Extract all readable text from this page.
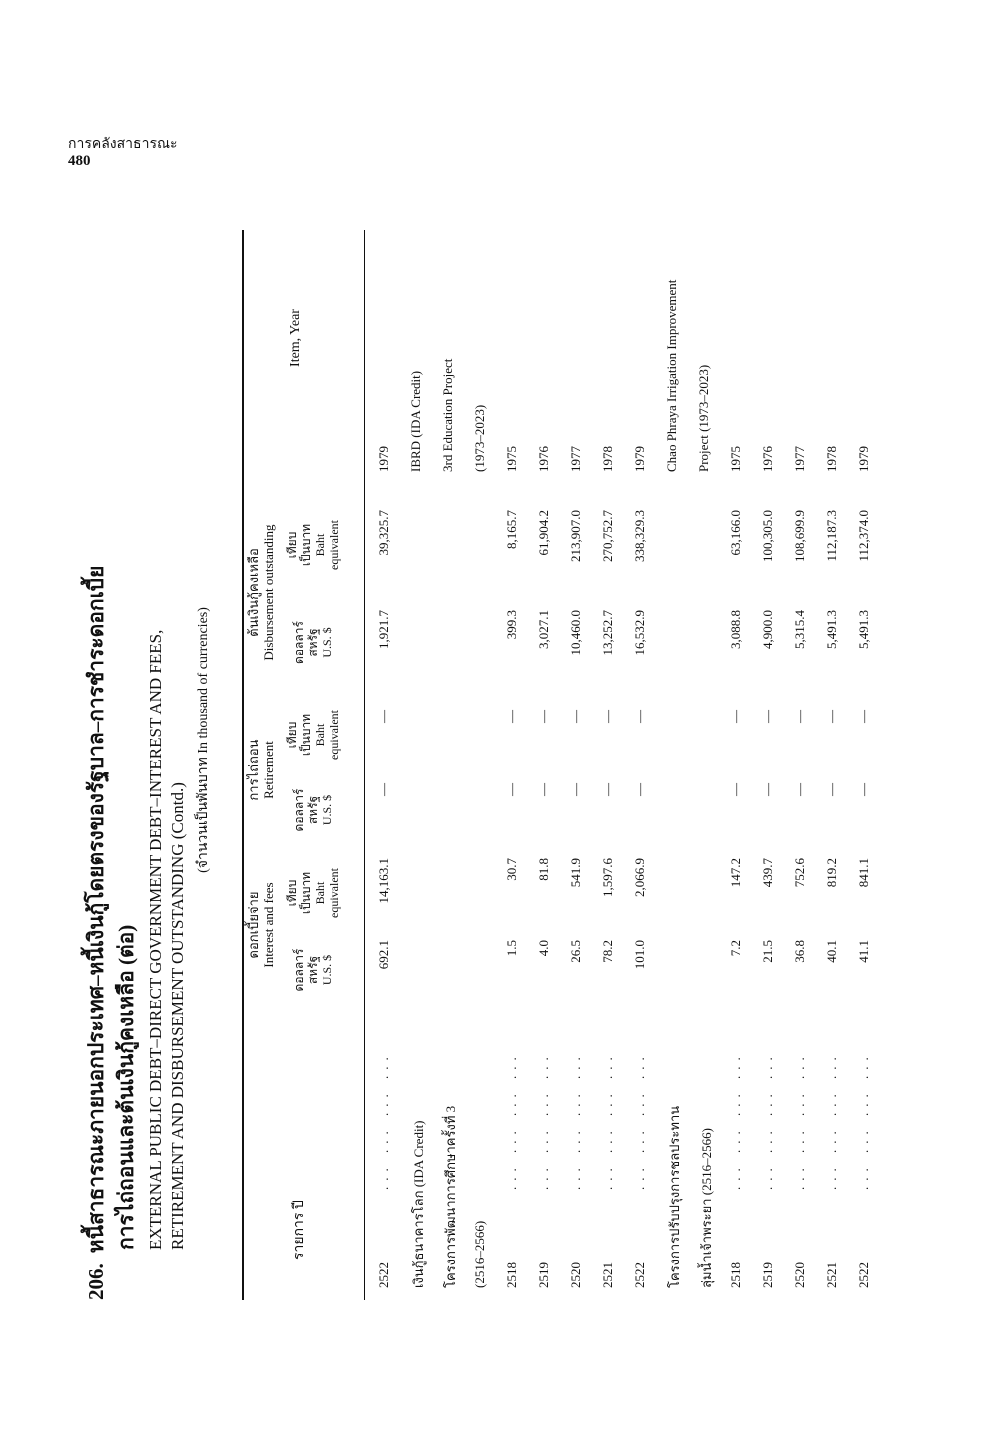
การคลังสาธารณะ
480
206.หนี้สาธารณะภายนอกประเทศ–หนี้เงินกู้โดยตรงของรัฐบาล–การชำระดอกเบี้ย การไถ่ถอนและต้นเงินกู้คงเหลือ (ต่อ) EXTERNAL PUBLIC DEBT–DIRECT GOVERNMENT DEBT–INTEREST AND FEES, RETIREMENT AND DISBURSEMENT OUTSTANDING (Contd.)
(จำนวนเป็นพันบาท In thousand of currencies)
รายการ ปี
Item, Year
ดอกเบี้ยจ่าย Interest and fees
การไถ่ถอน Retirement
ต้นเงินกู้คงเหลือ Disbursement outstanding
ดอลลาร์ สหรัฐ U.S. $
เทียบ เป็นบาท Baht equivalent
ดอลลาร์ สหรัฐ U.S. $
เทียบ เป็นบาท Baht equivalent
ดอลลาร์ สหรัฐ U.S. $
เทียบ เป็นบาท Baht equivalent
2522
... ... ... ...
692.1
14,163.1
—
—
1,921.7
39,325.7
1979
เงินกู้ธนาคารโลก (IDA Credit)
IBRD (IDA Credit)
โครงการพัฒนาการศึกษาครั้งที่ 3
3rd Education Project
(2516–2566)
(1973–2023)
2518
... ... ... ...
1.5
30.7
—
—
399.3
8,165.7
1975
2519
... ... ... ...
4.0
81.8
—
—
3,027.1
61,904.2
1976
2520
... ... ... ...
26.5
541.9
—
—
10,460.0
213,907.0
1977
2521
... ... ... ...
78.2
1,597.6
—
—
13,252.7
270,752.7
1978
2522
... ... ... ...
101.0
2,066.9
—
—
16,532.9
338,329.3
1979
โครงการปรับปรุงการชลประทาน
Chao Phraya Irrigation Improvement
ลุ่มน้ำเจ้าพระยา (2516–2566)
Project (1973–2023)
2518
... ... ... ...
7.2
147.2
—
—
3,088.8
63,166.0
1975
2519
... ... ... ...
21.5
439.7
—
—
4,900.0
100,305.0
1976
2520
... ... ... ...
36.8
752.6
—
—
5,315.4
108,699.9
1977
2521
... ... ... ...
40.1
819.2
—
—
5,491.3
112,187.3
1978
2522
... ... ... ...
41.1
841.1
—
—
5,491.3
112,374.0
1979
